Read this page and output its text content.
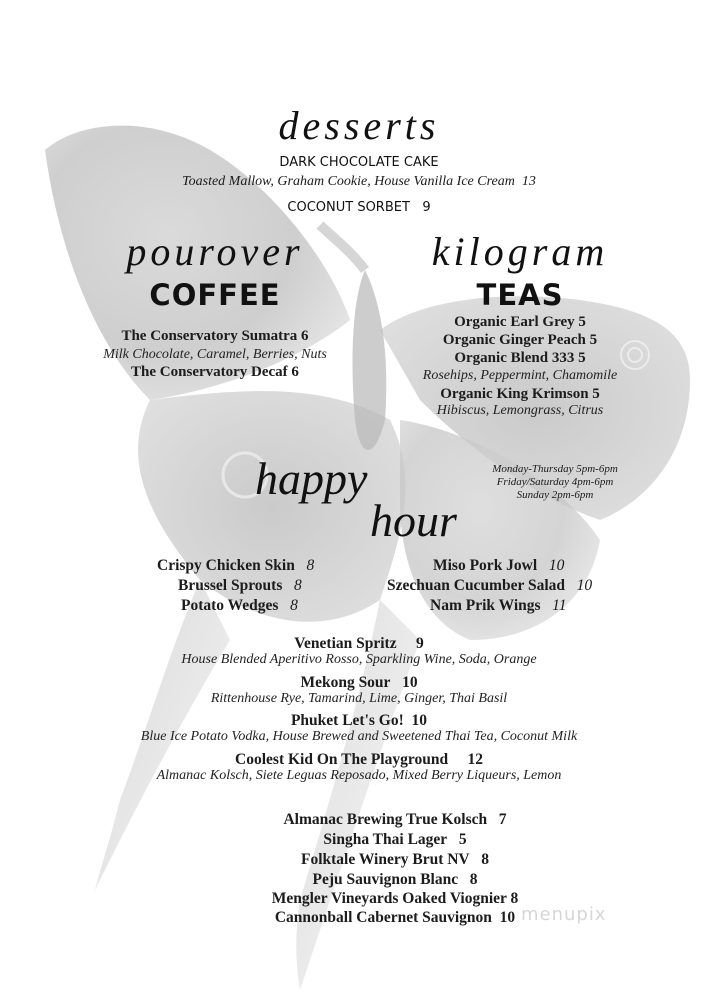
desserts
DARK CHOCOLATE CAKE
Toasted Mallow, Graham Cookie, House Vanilla Ice Cream 13
COCONUT SORBET 9
pourover
COFFEE
The Conservatory Sumatra 6
Milk Chocolate, Caramel, Berries, Nuts
The Conservatory Decaf 6
kilogram
TEAS
Organic Earl Grey 5
Organic Ginger Peach 5
Organic Blend 333 5
Rosehips, Peppermint, Chamomile
Organic King Krimson 5
Hibiscus, Lemongrass, Citrus
happy
hour
Monday-Thursday 5pm-6pm
Friday/Saturday 4pm-6pm
Sunday 2pm-6pm
Crispy Chicken Skin 8
Brussel Sprouts 8
Potato Wedges 8
Miso Pork Jowl 10
Szechuan Cucumber Salad 10
Nam Prik Wings 11
Venetian Spritz 9
House Blended Aperitivo Rosso, Sparkling Wine, Soda, Orange
Mekong Sour 10
Rittenhouse Rye, Tamarind, Lime, Ginger, Thai Basil
Phuket Let's Go! 10
Blue Ice Potato Vodka, House Brewed and Sweetened Thai Tea, Coconut Milk
Coolest Kid On The Playground 12
Almanac Kolsch, Siete Leguas Reposado, Mixed Berry Liqueurs, Lemon
Almanac Brewing True Kolsch 7
Singha Thai Lager 5
Folktale Winery Brut NV 8
Peju Sauvignon Blanc 8
Mengler Vineyards Oaked Viognier 8
Cannonball Cabernet Sauvignon 10 menupix
